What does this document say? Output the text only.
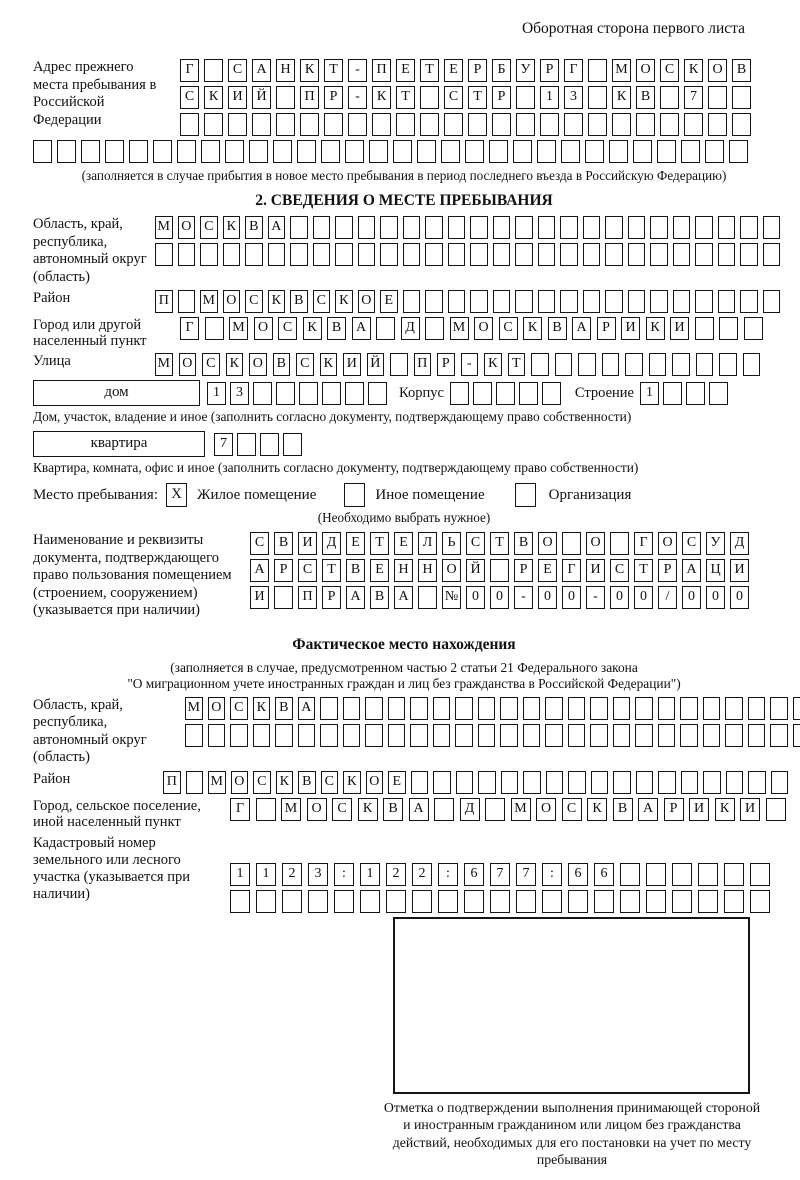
Оборотная сторона первого листа
Адрес прежнего места пребывания в Российской Федерации
Г	С	А Н	К	Т	-	П	Е	Т	Е	Р	Б	У	Р	Г	М О	С	К	О	В
С	К	И Й	П	Р	-	К	Т	С	Т	Р	1	3	К	В	7
(заполняется в случае прибытия в новое место пребывания в период последнего въезда в Российскую Федерацию)
2. СВЕДЕНИЯ О МЕСТЕ ПРЕБЫВАНИЯ
Область, край, республика, автономный округ (область)
М О С К В А
Район	П М О С К В С К О Е
Город или другой населенный пункт
Г	М О	С	К	В	А	Д	М О	С	К	В	А	Р	И	К	И
Улица	М О С К О В С К И Й	П	Р	-	К	Т
дом	1	3	Корпус	Строение 1
Дом, участок, владение и иное (заполнить согласно документу, подтверждающему право собственности)
квартира	7
Квартира, комната, офис и иное (заполнить согласно документу, подтверждающему право собственности)
Место пребывания: X	Жилое помещение	Иное помещение	Организация
(Необходимо выбрать нужное)
Наименование и реквизиты документа, подтверждающего право пользования помещением (строением, сооружением) (указывается при наличии)
С	В	И	Д	Е	Т	Е	Л	Ь	С	Т	В	О	О	Г	О	С	У	Д
А	Р	С	Т	В	Е	Н Н О Й	Р	Е	Г	И	С	Т	Р	А Ц И
И	П	Р	А	В	А	№ 0	0	-	0	0	-	0	0	/	0	0	0
Фактическое место нахождения
(заполняется в случае, предусмотренном частью 2 статьи 21 Федерального закона
"О миграционном учете иностранных граждан и лиц без гражданства в Российской Федерации")
Область, край, республика, автономный округ (область)
М О С К В А
Район	П М О С К В С К О Е
Город, сельское поселение, иной населенный пункт
Г	М	О	С	К	В	А	Д	М	О	С	К	В	А	Р	И	К	И
Кадастровый номер земельного или лесного участка (указывается при наличии)
1	1	2	3	:	1	2	2	:	6	7	7	:	6	6
Отметка о подтверждении выполнения принимающей стороной и иностранным гражданином или лицом без гражданства действий, необходимых для его постановки на учет по месту пребывания
